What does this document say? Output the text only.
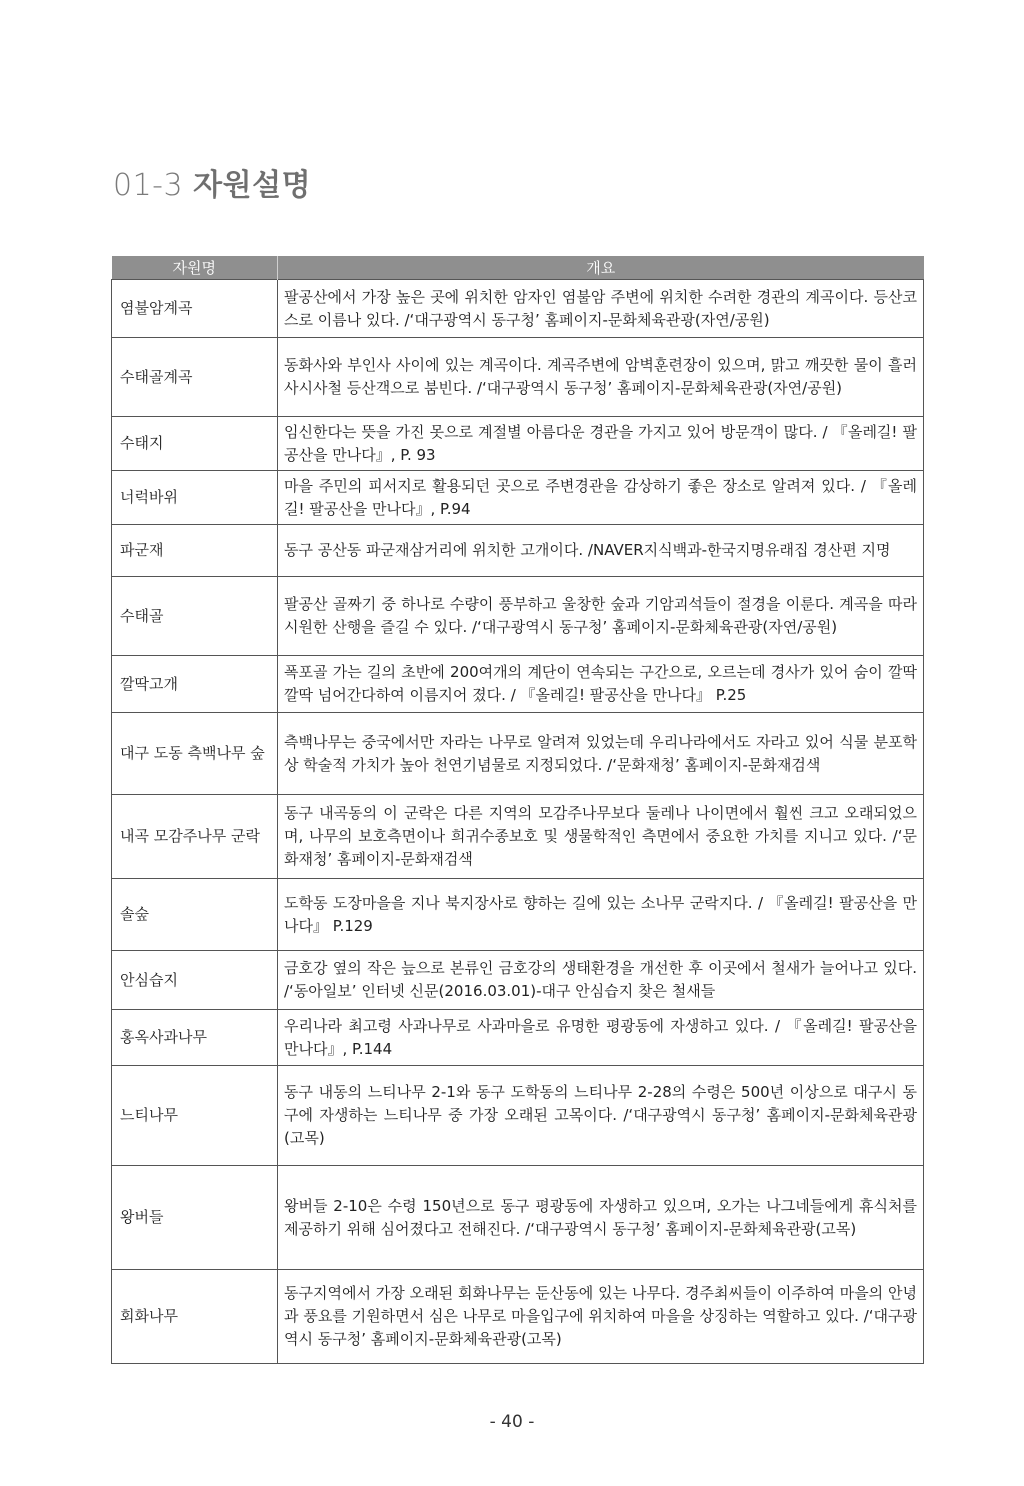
01-3 자원설명
자원명	개요
염불암계곡	팔공산에서 가장 높은 곳에 위치한 암자인 염불암 주변에 위치한 수려한 경관의 계곡이다. 등산코스로 이름나 있다. /‘대구광역시 동구청’ 홈페이지-문화체육관광(자연/공원)
수태골계곡	동화사와 부인사 사이에 있는 계곡이다. 계곡주변에 암벽훈련장이 있으며, 맑고 깨끗한 물이 흘러 사시사철 등산객으로 붐빈다. /‘대구광역시 동구청’ 홈페이지-문화체육관광(자연/공원)
수태지	임신한다는 뜻을 가진 못으로 계절별 아름다운 경관을 가지고 있어 방문객이 많다. / 『올레길! 팔공산을 만나다』, P. 93
너럭바위	마을 주민의 피서지로 활용되던 곳으로 주변경관을 감상하기 좋은 장소로 알려져 있다. / 『올레길! 팔공산을 만나다』, P.94
파군재	동구 공산동 파군재삼거리에 위치한 고개이다. /NAVER지식백과-한국지명유래집 경산편 지명
수태골	팔공산 골짜기 중 하나로 수량이 풍부하고 울창한 숲과 기암괴석들이 절경을 이룬다. 계곡을 따라 시원한 산행을 즐길 수 있다. /‘대구광역시 동구청’ 홈페이지-문화체육관광(자연/공원)
깔딱고개	폭포골 가는 길의 초반에 200여개의 계단이 연속되는 구간으로, 오르는데 경사가 있어 숨이 깔딱깔딱 넘어간다하여 이름지어 졌다. / 『올레길! 팔공산을 만나다』 P.25
대구 도동 측백나무 숲	측백나무는 중국에서만 자라는 나무로 알려져 있었는데 우리나라에서도 자라고 있어 식물 분포학상 학술적 가치가 높아 천연기념물로 지정되었다. /‘문화재청’ 홈페이지-문화재검색
내곡 모감주나무 군락	동구 내곡동의 이 군락은 다른 지역의 모감주나무보다 둘레나 나이면에서 훨씬 크고 오래되었으며, 나무의 보호측면이나 희귀수종보호 및 생물학적인 측면에서 중요한 가치를 지니고 있다. /‘문화재청’ 홈페이지-문화재검색
솔숲	도학동 도장마을을 지나 북지장사로 향하는 길에 있는 소나무 군락지다. / 『올레길! 팔공산을 만나다』 P.129
안심습지	금호강 옆의 작은 늪으로 본류인 금호강의 생태환경을 개선한 후 이곳에서 철새가 늘어나고 있다. /‘동아일보’ 인터넷 신문(2016.03.01)-대구 안심습지 찾은 철새들
홍옥사과나무	우리나라 최고령 사과나무로 사과마을로 유명한 평광동에 자생하고 있다. / 『올레길! 팔공산을 만나다』, P.144
느티나무	동구 내동의 느티나무 2-1와 동구 도학동의 느티나무 2-28의 수령은 500년 이상으로 대구시 동구에 자생하는 느티나무 중 가장 오래된 고목이다. /‘대구광역시 동구청’ 홈페이지-문화체육관광(고목)
왕버들	왕버들 2-10은 수령 150년으로 동구 평광동에 자생하고 있으며, 오가는 나그네들에게 휴식처를 제공하기 위해 심어졌다고 전해진다. /‘대구광역시 동구청’ 홈페이지-문화체육관광(고목)
회화나무	동구지역에서 가장 오래된 회화나무는 둔산동에 있는 나무다. 경주최씨들이 이주하여 마을의 안녕과 풍요를 기원하면서 심은 나무로 마을입구에 위치하여 마을을 상징하는 역할하고 있다. /‘대구광역시 동구청’ 홈페이지-문화체육관광(고목)
- 40 -
